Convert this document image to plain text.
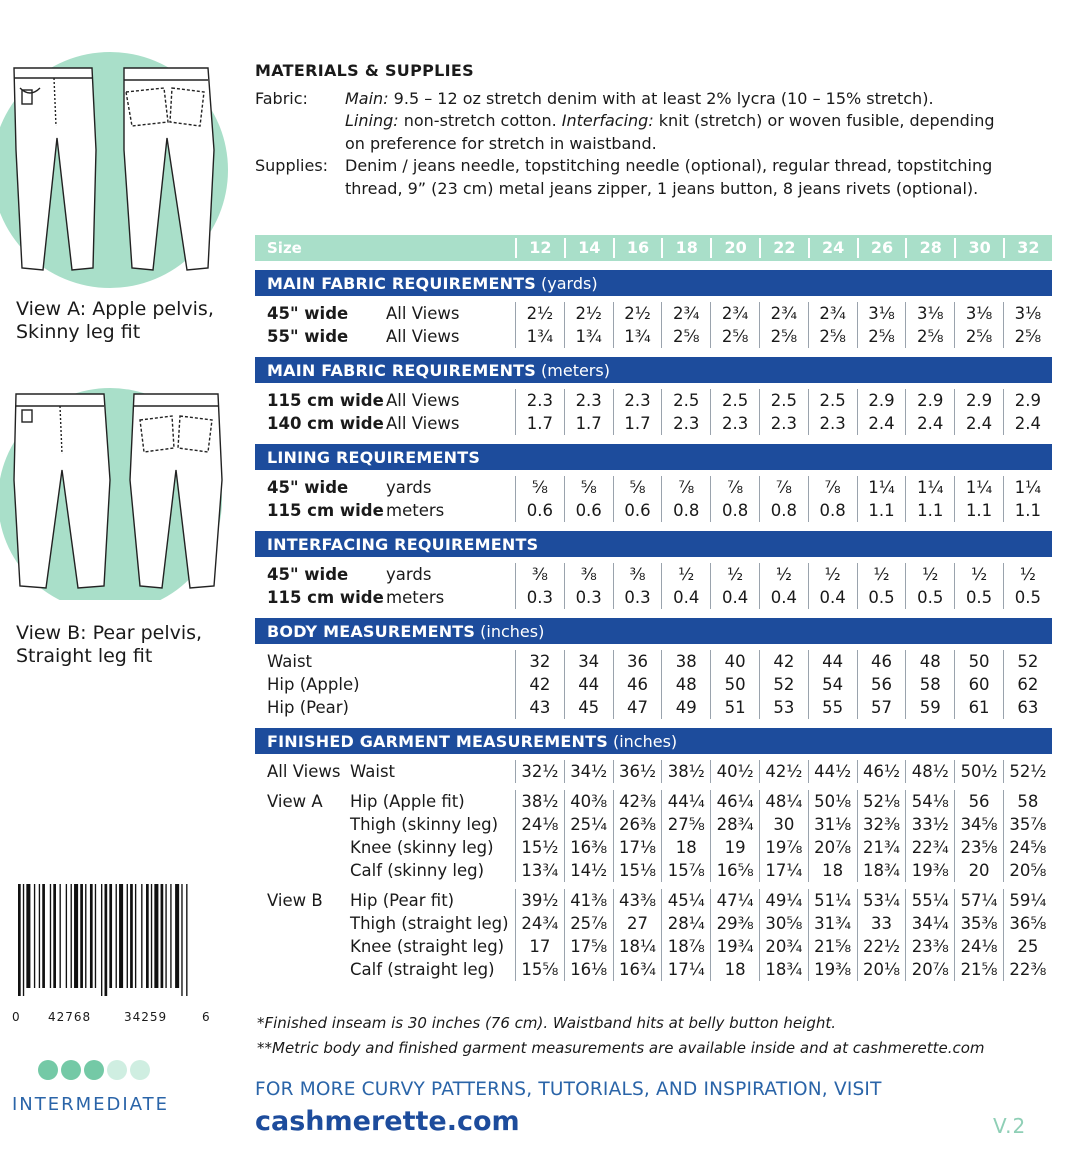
View A: Apple pelvis,
Skinny leg fit
View B: Pear pelvis,
Straight leg fit
0 42768	34259	6
INTERMEDIATE
MATERIALS & SUPPLIES
Fabric:	Main: 9.5 – 12 oz stretch denim with at least 2% lycra (10 – 15% stretch).
Lining: non-stretch cotton. Interfacing: knit (stretch) or woven fusible, depending
on preference for stretch in waistband.
Supplies:	Denim / jeans needle, topstitching needle (optional), regular thread, topstitching
thread, 9” (23 cm) metal jeans zipper, 1 jeans button, 8 jeans rivets (optional).
Size	12	14	16	18	20	22	24	26	28	30	32
MAIN FABRIC REQUIREMENTS (yards)
45" wide	All Views	2½	2½	2½	2¾	2¾	2¾	2¾	3⅛	3⅛	3⅛	3⅛
55" wide	All Views	1¾	1¾	1¾	2⅝	2⅝	2⅝	2⅝	2⅝	2⅝	2⅝	2⅝
MAIN FABRIC REQUIREMENTS (meters)
115 cm wide All Views	2.3	2.3	2.3	2.5	2.5	2.5	2.5	2.9	2.9	2.9	2.9
140 cm wide All Views	1.7	1.7	1.7	2.3	2.3	2.3	2.3	2.4	2.4	2.4	2.4
LINING REQUIREMENTS
45" wide	yards	⅝	⅝	⅝	⅞	⅞	⅞	⅞	1¼	1¼	1¼	1¼
115 cm wide meters	0.6	0.6	0.6	0.8	0.8	0.8	0.8	1.1	1.1	1.1	1.1
INTERFACING REQUIREMENTS
45" wide	yards	⅜	⅜	⅜	½	½	½	½	½	½	½	½
115 cm wide meters	0.3	0.3	0.3	0.4	0.4	0.4	0.4	0.5	0.5	0.5	0.5
BODY MEASUREMENTS (inches)
Waist	32	34	36	38	40	42	44	46	48	50	52
Hip (Apple)	42	44	46	48	50	52	54	56	58	60	62
Hip (Pear)	43	45	47	49	51	53	55	57	59	61	63
FINISHED GARMENT MEASUREMENTS (inches)
All Views Waist	32½ 34½ 36½ 38½ 40½ 42½ 44½ 46½ 48½ 50½ 52½
View A	Hip (Apple fit)	38½ 40⅜ 42⅜ 44¼ 46¼ 48¼ 50⅛ 52⅛ 54⅛	56	58
Thigh (skinny leg)	24⅛ 25¼ 26⅜ 27⅝ 28¾	30	31⅛ 32⅜ 33½ 34⅝ 35⅞
Knee (skinny leg)	15½ 16⅜ 17⅛	18	19	19⅞ 20⅞ 21¾ 22¾ 23⅝ 24⅝
Calf (skinny leg)	13¾ 14½ 15⅛ 15⅞ 16⅝ 17¼	18	18¾ 19⅜	20	20⅝
View B	Hip (Pear fit)	39½ 41⅜ 43⅜ 45¼ 47¼ 49¼ 51¼ 53¼ 55¼ 57¼ 59¼
Thigh (straight leg) 24¾ 25⅞	27	28¼ 29⅜ 30⅝ 31¾	33	34¼ 35⅜ 36⅝
Knee (straight leg)	17	17⅝ 18¼ 18⅞ 19¾ 20¾ 21⅝ 22½ 23⅜ 24⅛	25
Calf (straight leg)	15⅝ 16⅛ 16¾ 17¼	18	18¾ 19⅜ 20⅛ 20⅞ 21⅝ 22⅜
*Finished inseam is 30 inches (76 cm). Waistband hits at belly button height.
**Metric body and finished garment measurements are available inside and at cashmerette.com
FOR MORE CURVY PATTERNS, TUTORIALS, AND INSPIRATION, VISIT
cashmerette.com	V.2
